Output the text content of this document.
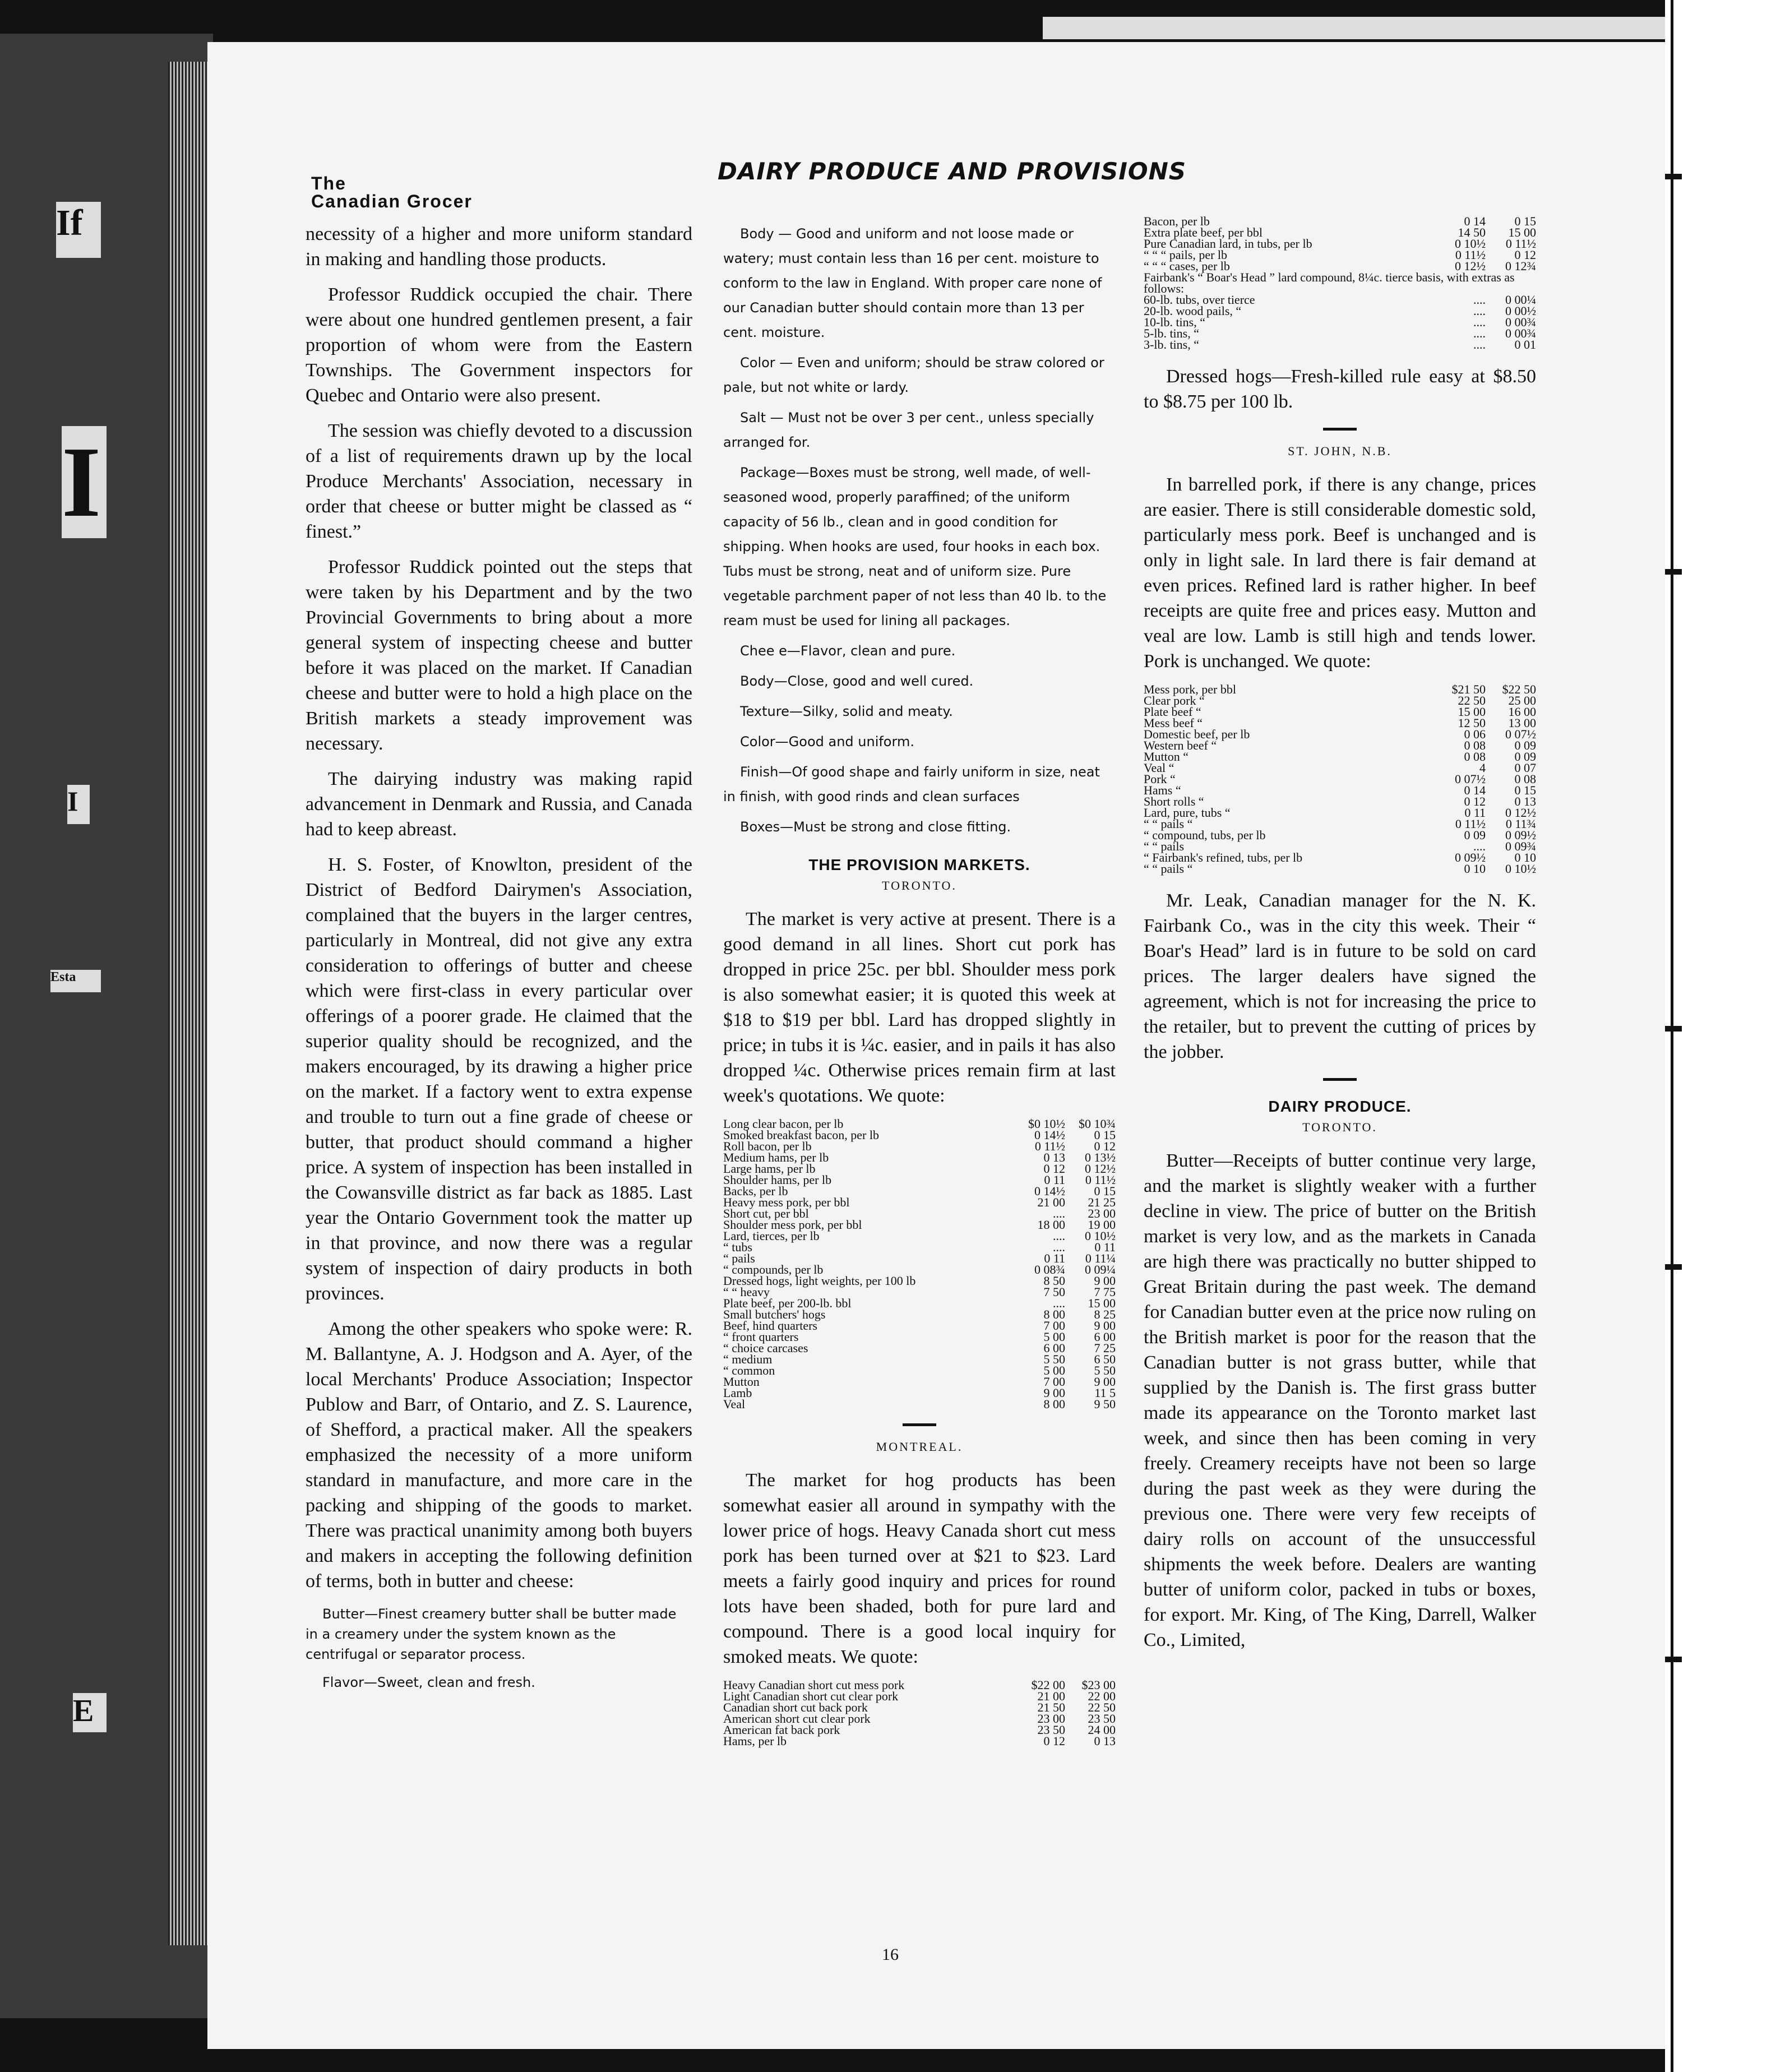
If
I
I
Esta
E
The
Canadian Grocer
DAIRY PRODUCE AND PROVISIONS

necessity of a higher and more uniform standard in making and handling those products.

Professor Ruddick occupied the chair. There were about one hundred gentlemen present, a fair proportion of whom were from the Eastern Townships. The Government inspectors for Quebec and Ontario were also present.

The session was chiefly devoted to a discussion of a list of requirements drawn up by the local Produce Merchants' Association, necessary in order that cheese or butter might be classed as “ finest.”

Professor Ruddick pointed out the steps that were taken by his Department and by the two Provincial Governments to bring about a more general system of inspecting cheese and butter before it was placed on the market. If Canadian cheese and butter were to hold a high place on the British markets a steady improvement was necessary.

The dairying industry was making rapid advancement in Denmark and Russia, and Canada had to keep abreast.

H. S. Foster, of Knowlton, president of the District of Bedford Dairymen's Association, complained that the buyers in the larger centres, particularly in Montreal, did not give any extra consideration to offerings of butter and cheese which were first-class in every particular over offerings of a poorer grade. He claimed that the superior quality should be recognized, and the makers encouraged, by its drawing a higher price on the market. If a factory went to extra expense and trouble to turn out a fine grade of cheese or butter, that product should command a higher price. A system of inspection has been installed in the Cowansville district as far back as 1885. Last year the Ontario Government took the matter up in that province, and now there was a regular system of inspection of dairy products in both provinces.

Among the other speakers who spoke were: R. M. Ballantyne, A. J. Hodgson and A. Ayer, of the local Merchants' Produce Association; Inspector Publow and Barr, of Ontario, and Z. S. Laurence, of Shefford, a practical maker. All the speakers emphasized the necessity of a more uniform standard in manufacture, and more care in the packing and shipping of the goods to market. There was practical unanimity among both buyers and makers in accepting the following definition of terms, both in butter and cheese:

Butter—Finest creamery butter shall be butter made in a creamery under the system known as the centrifugal or separator process.
Flavor—Sweet, clean and fresh.
Body — Good and uniform and not loose made or watery; must contain less than 16 per cent. moisture to conform to the law in England. With proper care none of our Canadian butter should contain more than 13 per cent. moisture.
Color — Even and uniform; should be straw colored or pale, but not white or lardy.
Salt — Must not be over 3 per cent., unless specially arranged for.
Package—Boxes must be strong, well made, of well-seasoned wood, properly paraffined; of the uniform capacity of 56 lb., clean and in good condition for shipping. When hooks are used, four hooks in each box. Tubs must be strong, neat and of uniform size. Pure vegetable parchment paper of not less than 40 lb. to the ream must be used for lining all packages.
Chee e—Flavor, clean and pure.
Body—Close, good and well cured.
Texture—Silky, solid and meaty.
Color—Good and uniform.
Finish—Of good shape and fairly uniform in size, neat in finish, with good rinds and clean surfaces
Boxes—Must be strong and close fitting.
THE PROVISION MARKETS.
TORONTO.

The market is very active at present. There is a good demand in all lines. Short cut pork has dropped in price 25c. per bbl. Shoulder mess pork is also somewhat easier; it is quoted this week at $18 to $19 per bbl. Lard has dropped slightly in price; in tubs it is ¼c. easier, and in pails it has also dropped ¼c. Otherwise prices remain firm at last week's quotations. We quote:

Long clear bacon, per lb	$0 10½	$0 10¾
Smoked breakfast bacon, per lb	0 14½	0 15
Roll bacon, per lb	0 11½	0 12
Medium hams, per lb	0 13	0 13½
Large hams, per lb	0 12	0 12½
Shoulder hams, per lb	0 11	0 11½
Backs, per lb	0 14½	0 15
Heavy mess pork, per bbl	21 00	21 25
Short cut, per bbl	....	23 00
Shoulder mess pork, per bbl	18 00	19 00
Lard, tierces, per lb	....	0 10½
“ tubs	....	0 11
“ pails	0 11	0 11¼
“ compounds, per lb	0 08¾	0 09¼
Dressed hogs, light weights, per 100 lb	8 50	9 00
“ “ heavy	7 50	7 75
Plate beef, per 200-lb. bbl	....	15 00
Small butchers' hogs	8 00	8 25
Beef, hind quarters	7 00	9 00
“ front quarters	5 00	6 00
“ choice carcases	6 00	7 25
“ medium	5 50	6 50
“ common	5 00	5 50
Mutton	7 00	9 00
Lamb	9 00	11 5
Veal	8 00	9 50
MONTREAL.

The market for hog products has been somewhat easier all around in sympathy with the lower price of hogs. Heavy Canada short cut mess pork has been turned over at $21 to $23. Lard meets a fairly good inquiry and prices for round lots have been shaded, both for pure lard and compound. There is a good local inquiry for smoked meats. We quote:

Heavy Canadian short cut mess pork	$22 00	$23 00
Light Canadian short cut clear pork	21 00	22 00
Canadian short cut back pork	21 50	22 50
American short cut clear pork	23 00	23 50
American fat back pork	23 50	24 00
Hams, per lb	0 12	0 13
Bacon, per lb	0 14	0 15
Extra plate beef, per bbl	14 50	15 00
Pure Canadian lard, in tubs, per lb	0 10½	0 11½
“ “ “ pails, per lb	0 11½	0 12
“ “ “ cases, per lb	0 12½	0 12¾
Fairbank's “ Boar's Head ” lard compound, 8¼c. tierce basis, with extras as follows:
60-lb. tubs, over tierce	....	0 00¼
20-lb. wood pails, “	....	0 00½
10-lb. tins, “	....	0 00¾
5-lb. tins, “	....	0 00¾
3-lb. tins, “	....	0 01

Dressed hogs—Fresh-killed rule easy at $8.50 to $8.75 per 100 lb.

ST. JOHN, N.B.

In barrelled pork, if there is any change, prices are easier. There is still considerable domestic sold, particularly mess pork. Beef is unchanged and is only in light sale. In lard there is fair demand at even prices. Refined lard is rather higher. In beef receipts are quite free and prices easy. Mutton and veal are low. Lamb is still high and tends lower. Pork is unchanged. We quote:

Mess pork, per bbl	$21 50	$22 50
Clear pork “	22 50	25 00
Plate beef “	15 00	16 00
Mess beef “	12 50	13 00
Domestic beef, per lb	0 06	0 07½
Western beef “	0 08	0 09
Mutton “	0 08	0 09
Veal “	4	0 07
Pork “	0 07½	0 08
Hams “	0 14	0 15
Short rolls “	0 12	0 13
Lard, pure, tubs “	0 11	0 12½
“ “ pails “	0 11½	0 11¾
“ compound, tubs, per lb	0 09	0 09½
“ “ pails	....	0 09¾
“ Fairbank's refined, tubs, per lb	0 09½	0 10
“ “ pails “	0 10	0 10½

Mr. Leak, Canadian manager for the N. K. Fairbank Co., was in the city this week. Their “ Boar's Head” lard is in future to be sold on card prices. The larger dealers have signed the agreement, which is not for increasing the price to the retailer, but to prevent the cutting of prices by the jobber.

DAIRY PRODUCE.
TORONTO.

Butter—Receipts of butter continue very large, and the market is slightly weaker with a further decline in view. The price of butter on the British market is very low, and as the markets in Canada are high there was practically no butter shipped to Great Britain during the past week. The demand for Canadian butter even at the price now ruling on the British market is poor for the reason that the Canadian butter is not grass butter, while that supplied by the Danish is. The first grass butter made its appearance on the Toronto market last week, and since then has been coming in very freely. Creamery receipts have not been so large during the past week as they were during the previous one. There were very few receipts of dairy rolls on account of the unsuccessful shipments the week before. Dealers are wanting butter of uniform color, packed in tubs or boxes, for export. Mr. King, of The King, Darrell, Walker Co., Limited,

16
